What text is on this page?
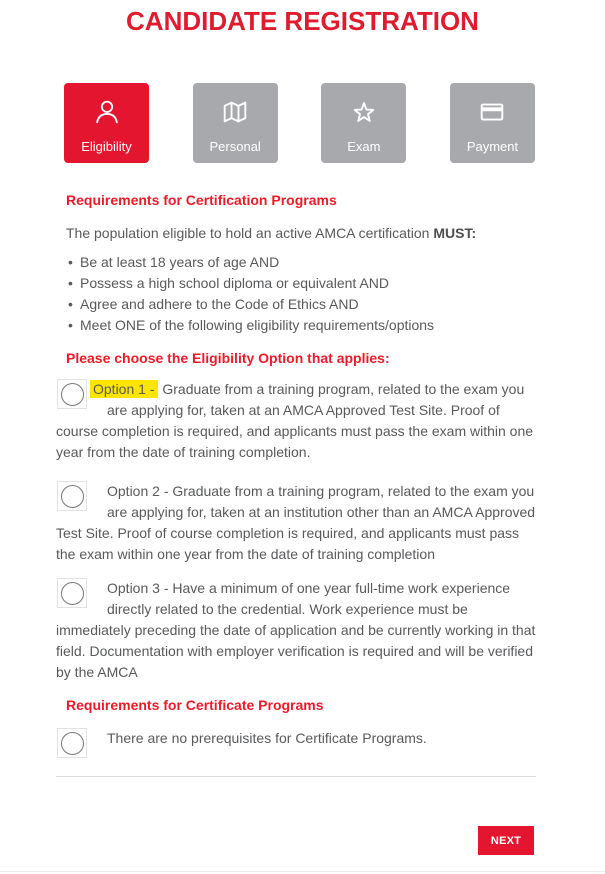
CANDIDATE REGISTRATION
Eligibility	Personal	Exam	Payment
Requirements for Certification Programs

The population eligible to hold an active AMCA certification MUST:

• Be at least 18 years of age AND
• Possess a high school diploma or equivalent AND
• Agree and adhere to the Code of Ethics AND
• Meet ONE of the following eligibility requirements/options
Please choose the Eligibility Option that applies:
Option 1 - Graduate from a training program, related to the exam you are applying for, taken at an AMCA Approved Test Site. Proof of course completion is required, and applicants must pass the exam within one year from the date of training completion.
Option 2 - Graduate from a training program, related to the exam you are applying for, taken at an institution other than an AMCA Approved Test Site. Proof of course completion is required, and applicants must pass the exam within one year from the date of training completion
Option 3 - Have a minimum of one year full-time work experience directly related to the credential. Work experience must be immediately preceding the date of application and be currently working in that field. Documentation with employer verification is required and will be verified by the AMCA
Requirements for Certificate Programs
There are no prerequisites for Certificate Programs.
NEXT
